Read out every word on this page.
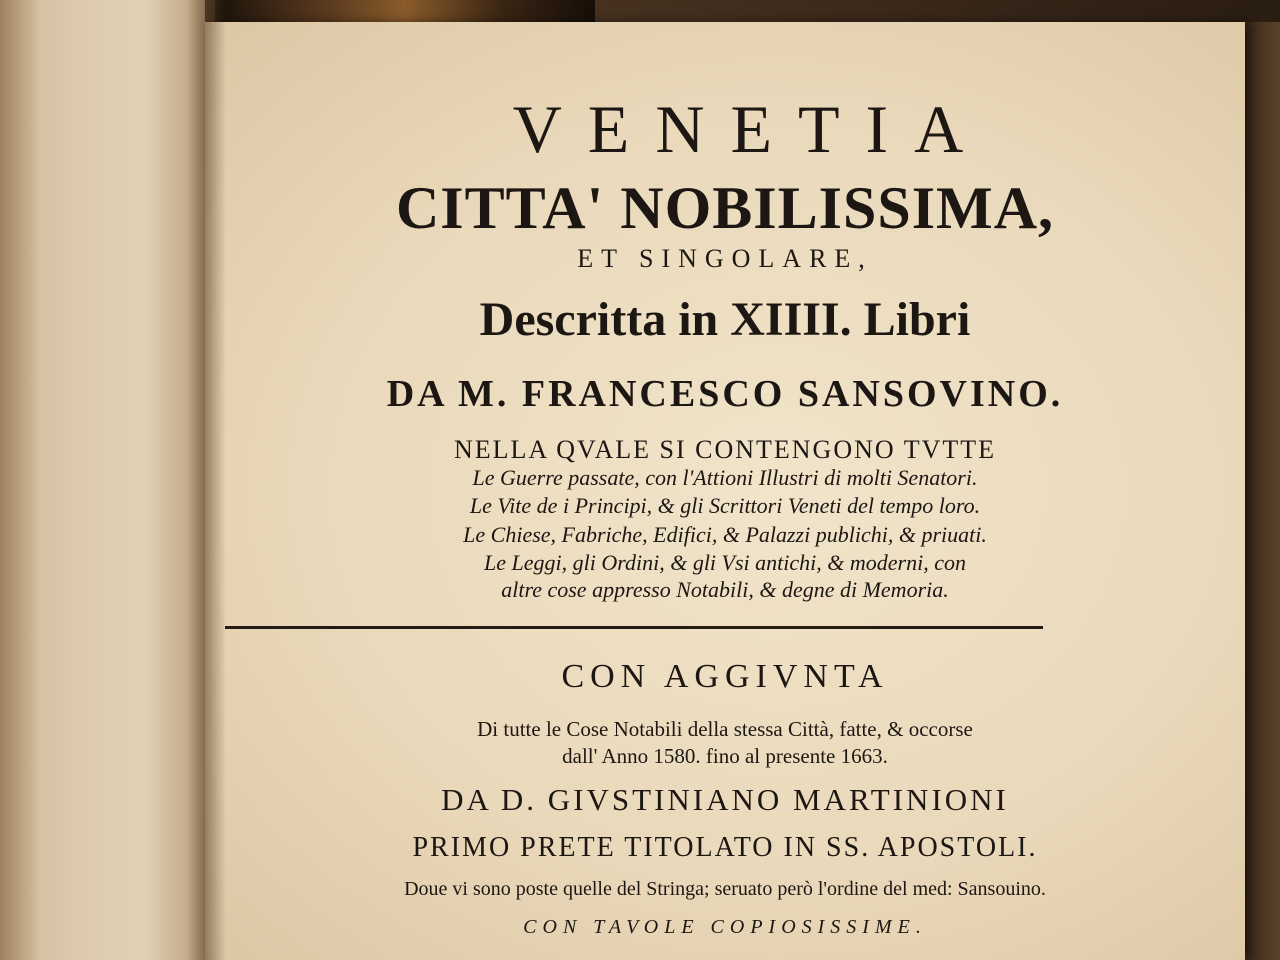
VENETIA

CITTA' NOBILISSIMA,

ET SINGOLARE,

Descritta in XIIII. Libri

DA M. FRANCESCO SANSOVINO.

NELLA QVALE SI CONTENGONO TVTTE

Le Guerre passate, con l'Attioni Illustri di molti Senatori.

Le Vite de i Principi, & gli Scrittori Veneti del tempo loro.

Le Chiese, Fabriche, Edifici, & Palazzi publichi, & priuati.

Le Leggi, gli Ordini, & gli Vsi antichi, & moderni, con

altre cose appresso Notabili, & degne di Memoria.

CON AGGIVNTA

Di tutte le Cose Notabili della stessa Città, fatte, & occorse

dall' Anno 1580. fino al presente 1663.

DA D. GIVSTINIANO MARTINIONI

PRIMO PRETE TITOLATO IN SS. APOSTOLI.

Doue vi sono poste quelle del Stringa; seruato però l'ordine del med: Sansouino.

CON TAVOLE COPIOSISSIME.
